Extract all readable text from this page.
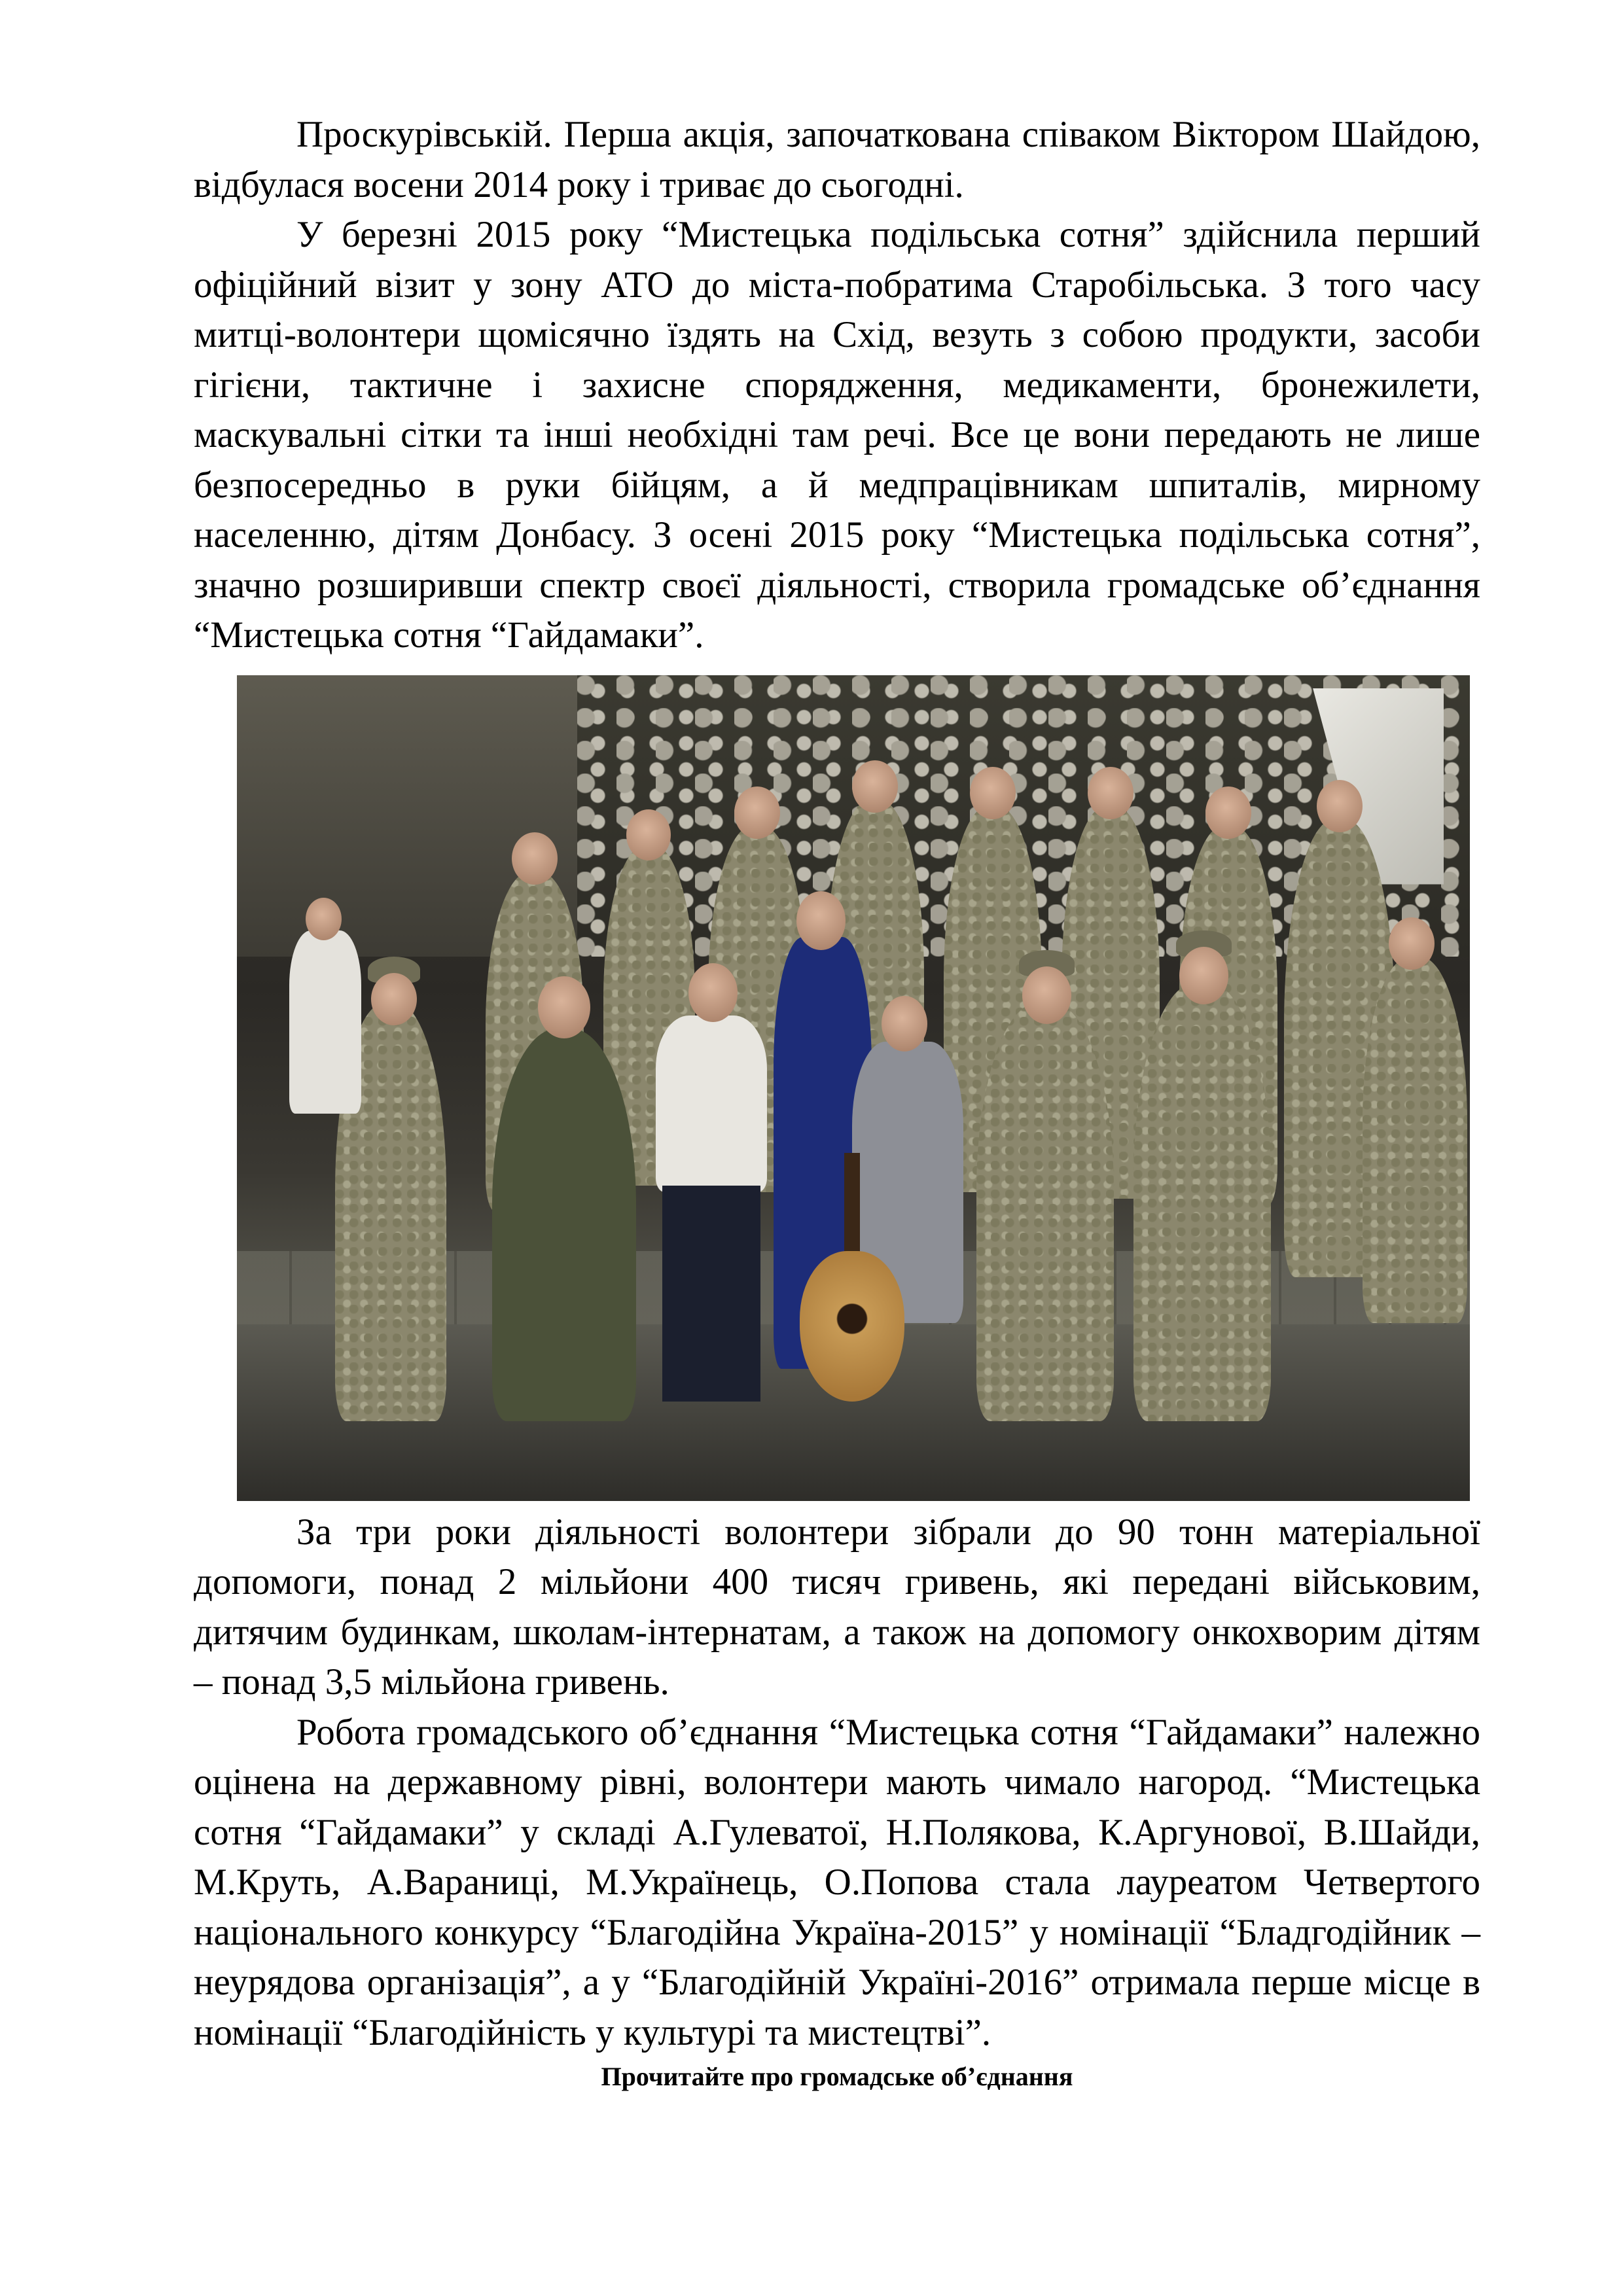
Проскурівській. Перша акція, започаткована співаком Віктором Шайдою, відбулася восени 2014 року і триває до сьогодні.

У березні 2015 року “Мистецька подільська сотня” здійснила перший офіційний візит у зону АТО до міста-побратима Старобільська. З того часу митці-волонтери щомісячно їздять на Схід, везуть з собою продукти, засоби гігієни, тактичне і захисне спорядження, медикаменти, бронежилети, маскувальні сітки та інші необхідні там речі. Все це вони передають не лише безпосередньо в руки бійцям, а й медпрацівникам шпиталів, мирному населенню, дітям Донбасу. З осені 2015 року “Мистецька подільська сотня”, значно розширивши спектр своєї діяльності, створила громадське об’єднання “Мистецька сотня “Гайдамаки”.

За три роки діяльності волонтери зібрали до 90 тонн матеріальної допомоги, понад 2 мільйони 400 тисяч гривень, які передані військовим, дитячим будинкам, школам-інтернатам, а також на допомогу онкохворим дітям – понад 3,5 мільйона гривень.

Робота громадського об’єднання “Мистецька сотня “Гайдамаки” належно оцінена на державному рівні, волонтери мають чимало нагород. “Мистецька сотня “Гайдамаки” у складі А.Гулеватої, Н.Полякова, К.Аргунової, В.Шайди, М.Круть, А.Вараниці, М.Українець, О.Попова стала лауреатом Четвертого національного конкурсу “Благодійна Україна-2015” у номінації “Бладгодійник – неурядова організація”, а у “Благодійній Україні-2016” отримала перше місце в номінації “Благодійність у культурі та мистецтві”.

Прочитайте про громадське об’єднання
